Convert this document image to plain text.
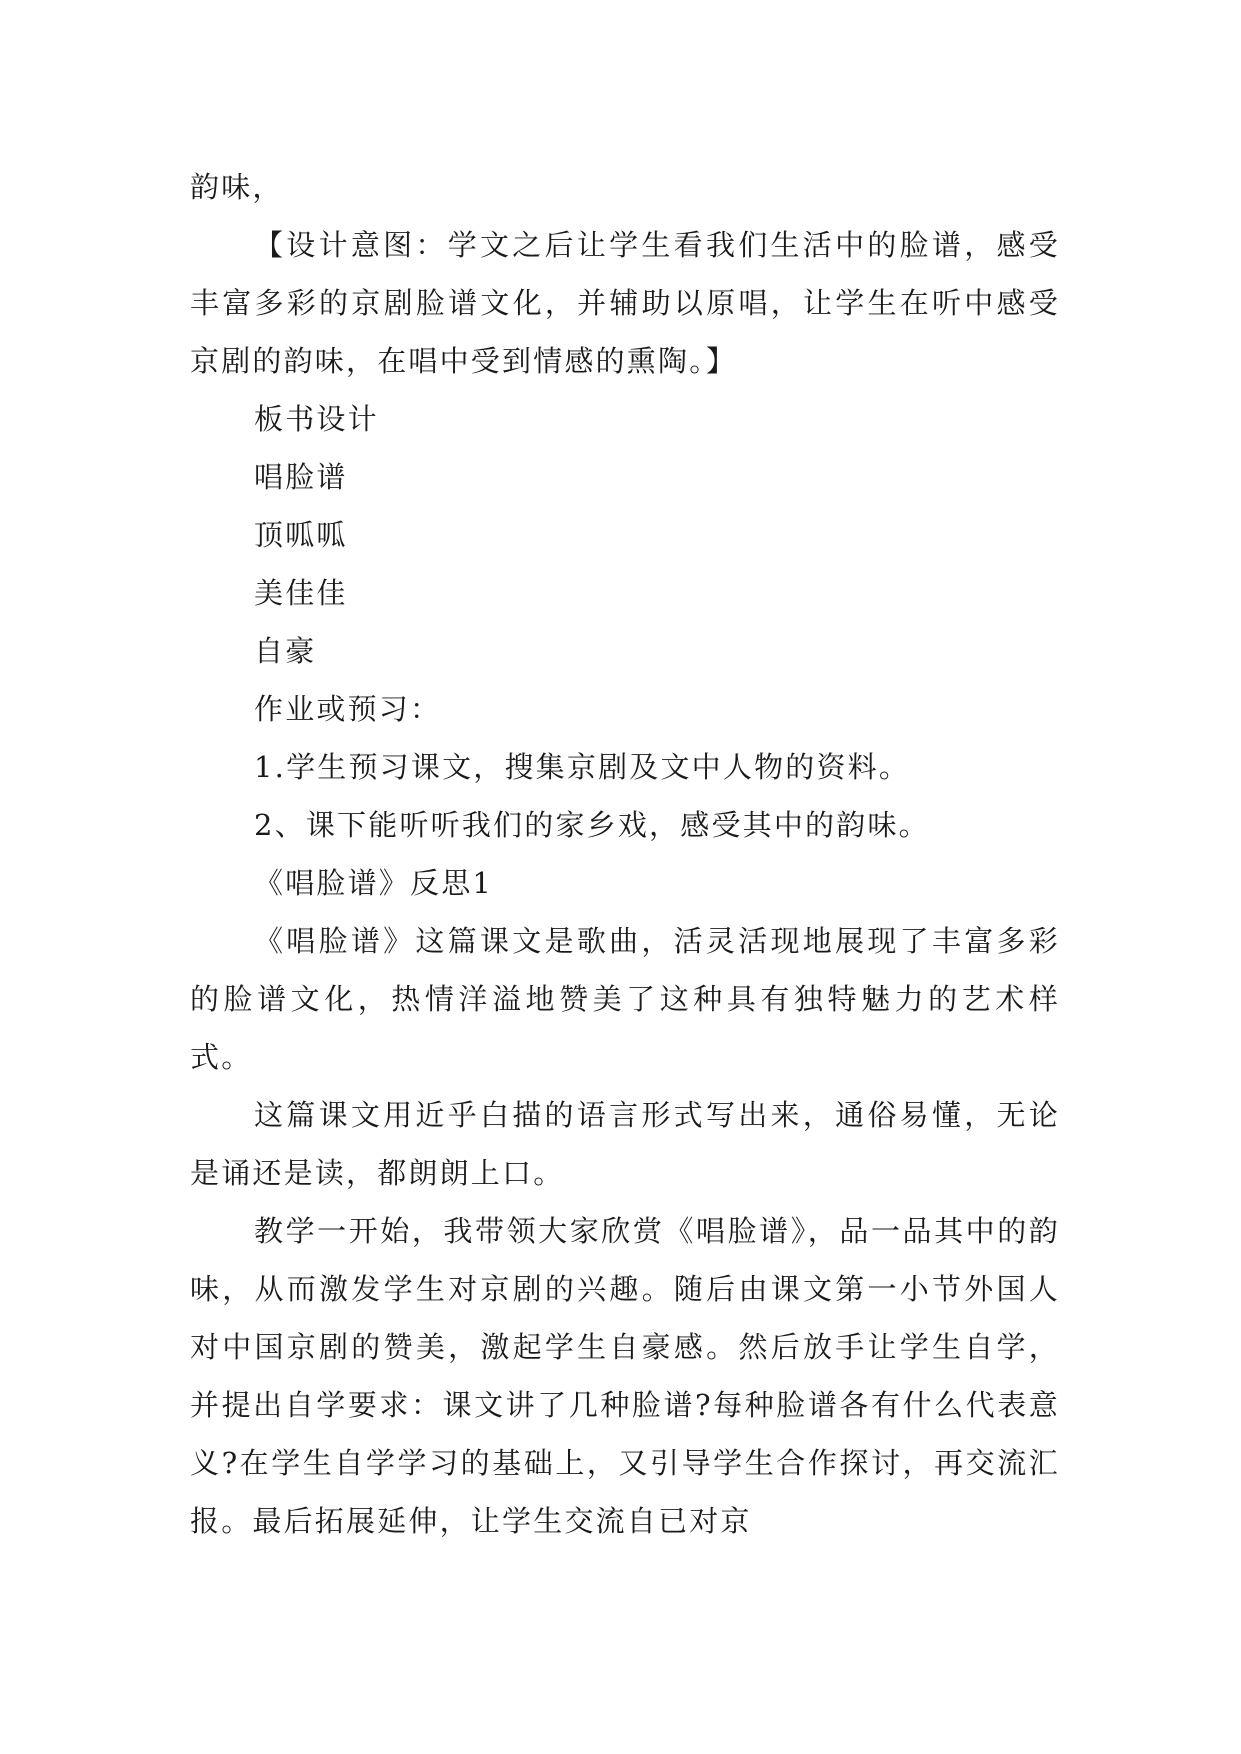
韵味，

【设计意图：学文之后让学生看我们生活中的脸谱，感受丰富多彩的京剧脸谱文化，并辅助以原唱，让学生在听中感受京剧的韵味，在唱中受到情感的熏陶。】

板书设计

唱脸谱

顶呱呱

美佳佳

自豪

作业或预习：

1.学生预习课文，搜集京剧及文中人物的资料。

2、课下能听听我们的家乡戏，感受其中的韵味。

《唱脸谱》反思1

《唱脸谱》这篇课文是歌曲，活灵活现地展现了丰富多彩的脸谱文化，热情洋溢地赞美了这种具有独特魅力的艺术样式。

这篇课文用近乎白描的语言形式写出来，通俗易懂，无论是诵还是读，都朗朗上口。

教学一开始，我带领大家欣赏《唱脸谱》，品一品其中的韵味，从而激发学生对京剧的兴趣。随后由课文第一小节外国人对中国京剧的赞美，激起学生自豪感。然后放手让学生自学，并提出自学要求：课文讲了几种脸谱?每种脸谱各有什么代表意义?在学生自学学习的基础上，又引导学生合作探讨，再交流汇报。最后拓展延伸，让学生交流自已对京
